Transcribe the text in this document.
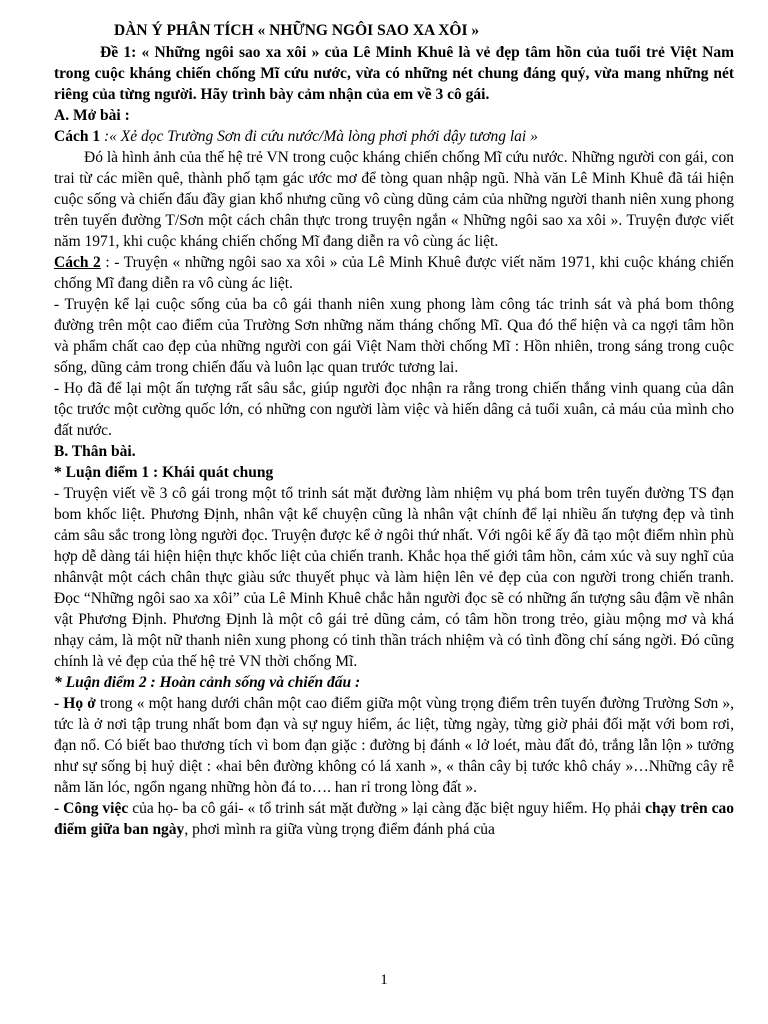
DÀN Ý PHÂN TÍCH « NHỮNG NGÔI SAO XA XÔI »

Đề 1: « Những ngôi sao xa xôi » của Lê Minh Khuê là vẻ đẹp tâm hồn của tuổi trẻ Việt Nam trong cuộc kháng chiến chống Mĩ cứu nước, vừa có những nét chung đáng quý, vừa mang những nét riêng của từng người. Hãy trình bày cảm nhận của em về 3 cô gái.

A. Mở bài :

Cách 1 :« Xẻ dọc Trường Sơn đi cứu nước/Mà lòng phơi phới dậy tương lai »

Đó là hình ảnh của thế hệ trẻ VN trong cuộc kháng chiến chống Mĩ cứu nước. Những người con gái, con trai từ các miền quê, thành phố tạm gác ước mơ để tòng quan nhập ngũ. Nhà văn Lê Minh Khuê đã tái hiện cuộc sống và chiến đấu đầy gian khổ nhưng cũng vô cùng dũng cảm của những người thanh niên xung phong trên tuyến đường T/Sơn một cách chân thực trong truyện ngắn « Những ngôi sao xa xôi ». Truyện được viết năm 1971, khi cuộc kháng chiến chống Mĩ đang diễn ra vô cùng ác liệt.

Cách 2 : - Truyện « những ngôi sao xa xôi » của Lê Minh Khuê được viết năm 1971, khi cuộc kháng chiến chống Mĩ đang diễn ra vô cùng ác liệt.

- Truyện kể lại cuộc sống của ba cô gái thanh niên xung phong làm công tác trinh sát và phá bom thông đường trên một cao điểm của Trường Sơn những năm tháng chống Mĩ. Qua đó thể hiện và ca ngợi tâm hồn và phẩm chất cao đẹp của những người con gái Việt Nam thời chống Mĩ : Hồn nhiên, trong sáng trong cuộc sống, dũng cảm trong chiến đấu và luôn lạc quan trước tương lai.

- Họ đã để lại một ấn tượng rất sâu sắc, giúp người đọc nhận ra rằng trong chiến thắng vinh quang của dân tộc trước một cường quốc lớn, có những con người làm việc và hiến dâng cả tuổi xuân, cả máu của mình cho đất nước.

B. Thân bài.

* Luận điểm 1 : Khái quát chung

- Truyện viết về 3 cô gái trong một tổ trinh sát mặt đường làm nhiệm vụ phá bom trên tuyến đường TS đạn bom khốc liệt. Phương Định, nhân vật kể chuyện cũng là nhân vật chính để lại nhiều ấn tượng đẹp và tình cảm sâu sắc trong lòng người đọc. Truyện được kể ở ngôi thứ nhất. Với ngôi kể ấy đã tạo một điểm nhìn phù hợp dễ dàng tái hiện hiện thực khốc liệt của chiến tranh. Khắc họa thế giới tâm hồn, cảm xúc và suy nghĩ của nhânvật một cách chân thực giàu sức thuyết phục và làm hiện lên vẻ đẹp của con người trong chiến tranh. Đọc “Những ngôi sao xa xôi” của Lê Minh Khuê chắc hẳn người đọc sẽ có những ấn tượng sâu đậm về nhân vật Phương Định. Phương Định là một cô gái trẻ dũng cảm, có tâm hồn trong trẻo, giàu mộng mơ và khá nhạy cảm, là một nữ thanh niên xung phong có tinh thần trách nhiệm và có tình đồng chí sáng ngời. Đó cũng chính là vẻ đẹp của thế hệ trẻ VN thời chống Mĩ.

* Luận điểm 2 : Hoàn cảnh sống và chiến đấu :

- Họ ở trong « một hang dưới chân một cao điểm giữa một vùng trọng điểm trên tuyến đường Trường Sơn », tức là ở nơi tập trung nhất bom đạn và sự nguy hiểm, ác liệt, từng ngày, từng giờ phải đối mặt với bom rơi, đạn nổ. Có biết bao thương tích vì bom đạn giặc : đường bị đánh « lở loét, màu đất đỏ, trắng lẫn lộn » tưởng như sự sống bị huỷ diệt : «hai bên đường không có lá xanh », « thân cây bị tước khô cháy »…Những cây rễ nằm lăn lóc, ngổn ngang những hòn đá to…. han rỉ trong lòng đất ».

- Công việc của họ- ba cô gái- « tổ trinh sát mặt đường » lại càng đặc biệt nguy hiểm. Họ phải chạy trên cao điểm giữa ban ngày, phơi mình ra giữa vùng trọng điểm đánh phá của

1
